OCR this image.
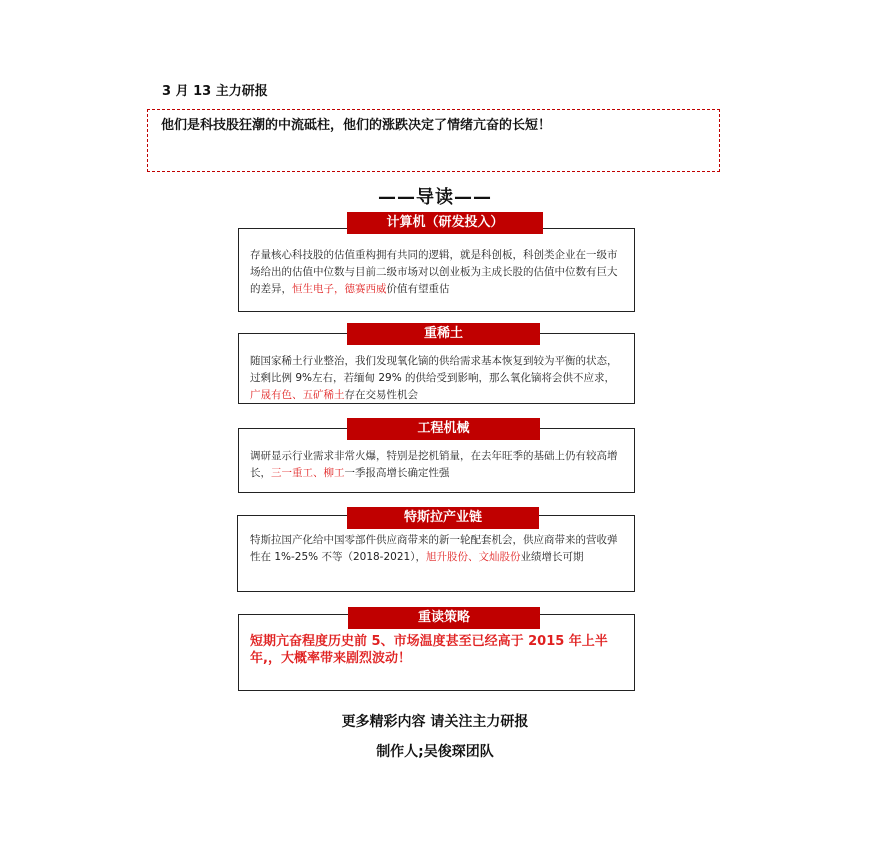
3 月 13 主力研报
他们是科技股狂潮的中流砥柱，他们的涨跌决定了情绪亢奋的长短！
——导读——
计算机（研发投入）
存量核心科技股的估值重构拥有共同的逻辑，就是科创板，科创类企业在一级市场给出的估值中位数与目前二级市场对以创业板为主成长股的估值中位数有巨大的差异，恒生电子，德赛西威价值有望重估
重稀土
随国家稀土行业整治，我们发现氧化镝的供给需求基本恢复到较为平衡的状态，过剩比例 9%左右，若缅甸 29% 的供给受到影响，那么氧化镝将会供不应求，广晟有色、五矿稀土存在交易性机会
工程机械
调研显示行业需求非常火爆，特别是挖机销量，在去年旺季的基础上仍有较高增长，三一重工、柳工一季报高增长确定性强
特斯拉产业链
特斯拉国产化给中国零部件供应商带来的新一轮配套机会，供应商带来的营收弹性在 1%-25% 不等（2018-2021），旭升股份、文灿股份业绩增长可期
重读策略
短期亢奋程度历史前 5、市场温度甚至已经高于 2015 年上半年,，大概率带来剧烈波动！
更多精彩内容 请关注主力研报
制作人;吴俊琛团队
